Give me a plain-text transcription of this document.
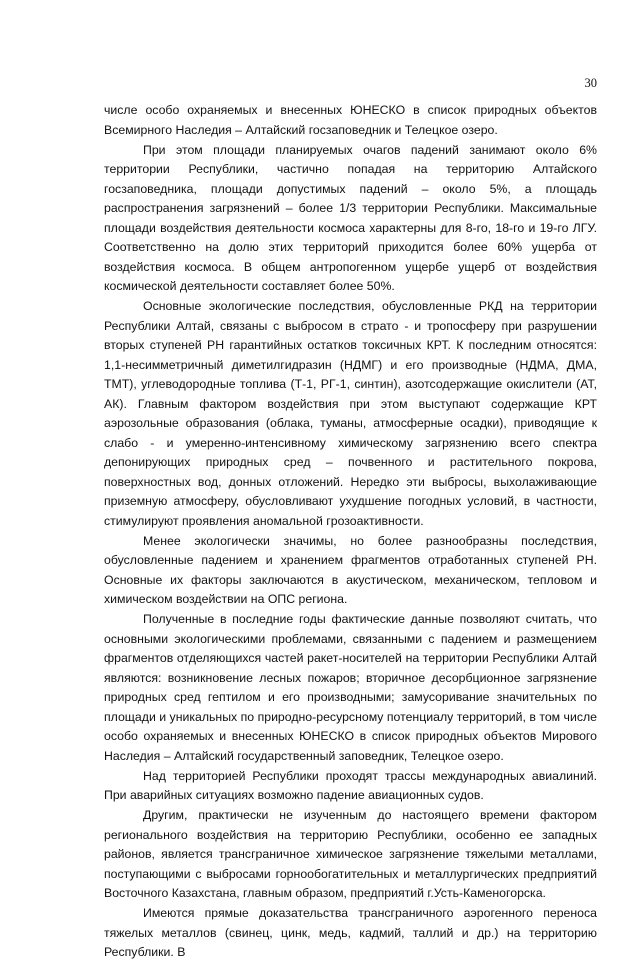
30

числе особо охраняемых и внесенных ЮНЕСКО в список природных объектов Всемирного Наследия – Алтайский госзаповедник и Телецкое озеро.

При этом площади планируемых очагов падений занимают около 6% территории Республики, частично попадая на территорию Алтайского госзаповедника, площади допустимых падений – около 5%, а площадь распространения загрязнений – более 1/3 территории Республики. Максимальные площади воздействия деятельности космоса характерны для 8-го, 18-го и 19-го ЛГУ. Соответственно на долю этих территорий приходится более 60% ущерба от воздействия космоса. В общем антропогенном ущербе ущерб от воздействия космической деятельности составляет более 50%.

Основные экологические последствия, обусловленные РКД на территории Республики Алтай, связаны с выбросом в страто - и тропосферу при разрушении вторых ступеней РН гарантийных остатков токсичных КРТ. К последним относятся: 1,1-несимметричный диметилгидразин (НДМГ) и его производные (НДМА, ДМА, ТМТ), углеводородные топлива (Т-1, РГ-1, синтин), азотсодержащие окислители (АТ, АК). Главным фактором воздействия при этом выступают содержащие КРТ аэрозольные образования (облака, туманы, атмосферные осадки), приводящие к слабо - и умеренно-интенсивному химическому загрязнению всего спектра депонирующих природных сред – почвенного и растительного покрова, поверхностных вод, донных отложений. Нередко эти выбросы, выхолаживающие приземную атмосферу, обусловливают ухудшение погодных условий, в частности, стимулируют проявления аномальной грозоактивности.

Менее экологически значимы, но более разнообразны последствия, обусловленные падением и хранением фрагментов отработанных ступеней РН. Основные их факторы заключаются в акустическом, механическом, тепловом и химическом воздействии на ОПС региона.

Полученные в последние годы фактические данные позволяют считать, что основными экологическими проблемами, связанными с падением и размещением фрагментов отделяющихся частей ракет-носителей на территории Республики Алтай являются: возникновение лесных пожаров; вторичное десорбционное загрязнение природных сред гептилом и его производными; замусоривание значительных по площади и уникальных по природно-ресурсному потенциалу территорий, в том числе особо охраняемых и внесенных ЮНЕСКО в список природных объектов Мирового Наследия – Алтайский государственный заповедник, Телецкое озеро.

Над территорией Республики проходят трассы международных авиалиний. При аварийных ситуациях возможно падение авиационных судов.

Другим, практически не изученным до настоящего времени фактором регионального воздействия на территорию Республики, особенно ее западных районов, является трансграничное химическое загрязнение тяжелыми металлами, поступающими с выбросами горнообогатительных и металлургических предприятий Восточного Казахстана, главным образом, предприятий г.Усть-Каменогорска.

Имеются прямые доказательства трансграничного аэрогенного переноса тяжелых металлов (свинец, цинк, медь, кадмий, таллий и др.) на территорию Республики. В
